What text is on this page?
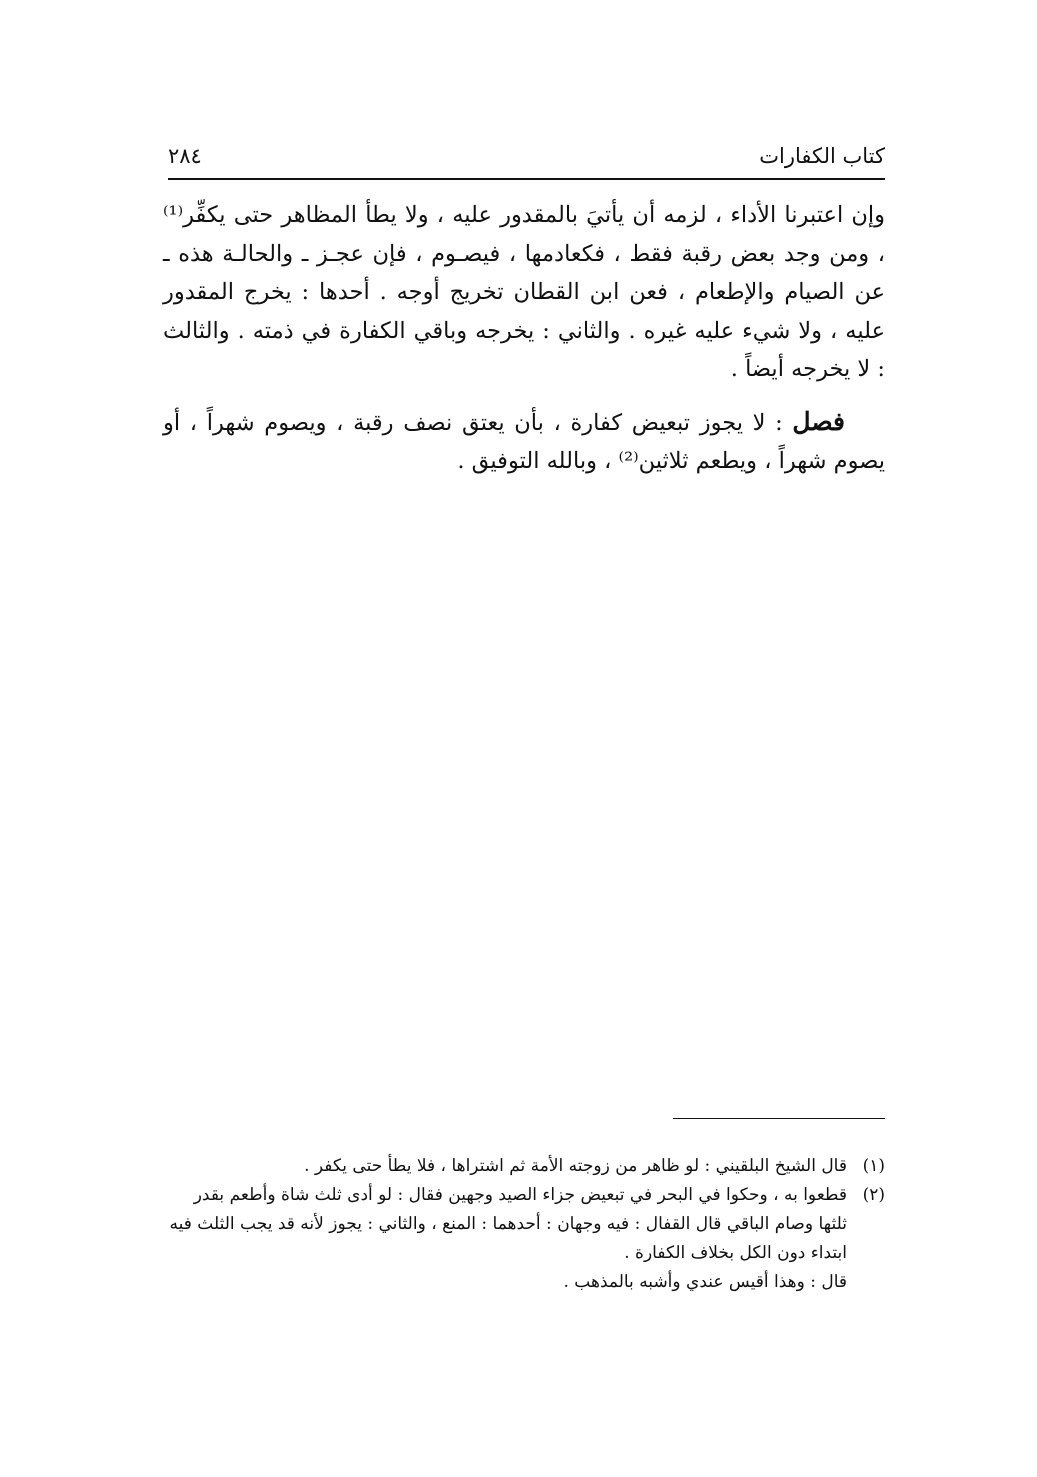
كتاب الكفارات
٢٨٤

وإن اعتبرنا الأداء ، لزمه أن يأتيَ بالمقدور عليه ، ولا يطأ المظاهر حتى يكفِّر⁽¹⁾ ، ومن وجد بعض رقبة فقط ، فكعادمها ، فيصـوم ، فإن عجـز ـ والحالـة هذه ـ عن الصيام والإطعام ، فعن ابن القطان تخريج أوجه . أحدها : يخرج المقدور عليه ، ولا شيء عليه غيره . والثاني : يخرجه وباقي الكفارة في ذمته . والثالث : لا يخرجه أيضاً .

فصل : لا يجوز تبعيض كفارة ، بأن يعتق نصف رقبة ، ويصوم شهراً ، أو يصوم شهراً ، ويطعم ثلاثين⁽²⁾ ، وبالله التوفيق .

(١)
قال الشيخ البلقيني : لو ظاهر من زوجته الأمة ثم اشتراها ، فلا يطأ حتى يكفر .
(٢)
قطعوا به ، وحكوا في البحر في تبعيض جزاء الصيد وجهين فقال : لو أدى ثلث شاة وأطعم بقدر ثلثها وصام الباقي قال القفال : فيه وجهان : أحدهما : المنع ، والثاني : يجوز لأنه قد يجب الثلث فيه ابتداء دون الكل بخلاف الكفارة .
قال : وهذا أقيس عندي وأشبه بالمذهب .
